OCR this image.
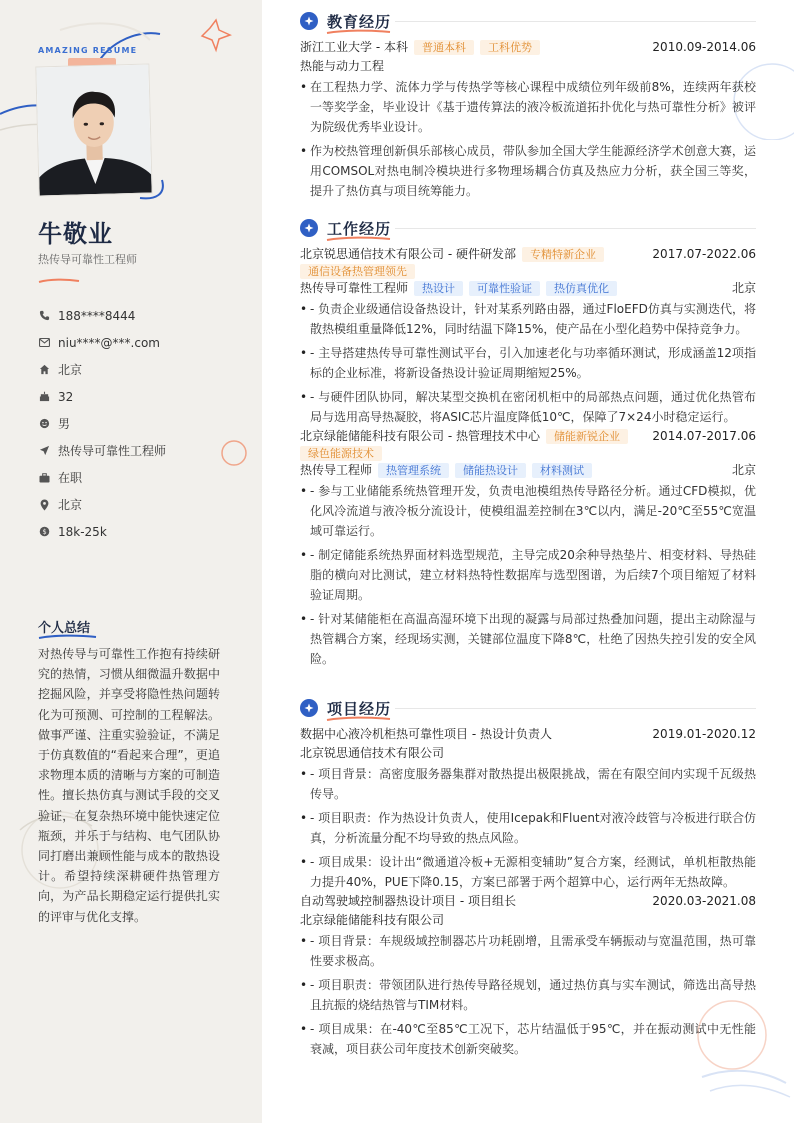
AMAZING RESUME
牛敬业
热传导可靠性工程师
188****8444
niu****@***.com
北京
32
男
热传导可靠性工程师
在职
北京
$ 18k-25k
个人总结
对热传导与可靠性工作抱有持续研究的热情，习惯从细微温升数据中挖掘风险，并享受将隐性热问题转化为可预测、可控制的工程解法。做事严谨、注重实验验证，不满足于仿真数值的“看起来合理”，更追求物理本质的清晰与方案的可制造性。擅长热仿真与测试手段的交叉验证，在复杂热环境中能快速定位瓶颈，并乐于与结构、电气团队协同打磨出兼顾性能与成本的散热设计。希望持续深耕硬件热管理方向，为产品长期稳定运行提供扎实的评审与优化支撑。
教育经历
浙江工业大学 - 本科	普通本科	工科优势	2010.09-2014.06
热能与动力工程
• 在工程热力学、流体力学与传热学等核心课程中成绩位列年级前8%，连续两年获校一等奖学金，毕业设计《基于遗传算法的液冷板流道拓扑优化与热可靠性分析》被评为院级优秀毕业设计。
• 作为校热管理创新俱乐部核心成员，带队参加全国大学生能源经济学术创意大赛，运用COMSOL对热电制冷模块进行多物理场耦合仿真及热应力分析，获全国三等奖，提升了热仿真与项目统筹能力。
工作经历
北京锐思通信技术有限公司 - 硬件研发部	专精特新企业	2017.07-2022.06
通信设备热管理领先
热传导可靠性工程师	热设计	可靠性验证	热仿真优化	北京
• - 负责企业级通信设备热设计，针对某系列路由器，通过FloEFD仿真与实测迭代，将散热模组重量降低12%，同时结温下降15%，使产品在小型化趋势中保持竞争力。
• - 主导搭建热传导可靠性测试平台，引入加速老化与功率循环测试，形成涵盖12项指标的企业标准，将新设备热设计验证周期缩短25%。
• - 与硬件团队协同，解决某型交换机在密闭机柜中的局部热点问题，通过优化热管布局与选用高导热凝胶，将ASIC芯片温度降低10℃，保障了7×24小时稳定运行。
北京绿能储能科技有限公司 - 热管理技术中心	储能新锐企业	2014.07-2017.06
绿色能源技术
热传导工程师	热管理系统	储能热设计	材料测试	北京
• - 参与工业储能系统热管理开发，负责电池模组热传导路径分析。通过CFD模拟，优化风冷流道与液冷板分流设计，使模组温差控制在3℃以内，满足-20℃至55℃宽温域可靠运行。
• - 制定储能系统热界面材料选型规范，主导完成20余种导热垫片、相变材料、导热硅脂的横向对比测试，建立材料热特性数据库与选型图谱，为后续7个项目缩短了材料验证周期。
• - 针对某储能柜在高温高湿环境下出现的凝露与局部过热叠加问题，提出主动除湿与热管耦合方案，经现场实测，关键部位温度下降8℃，杜绝了因热失控引发的安全风险。
项目经历
数据中心液冷机柜热可靠性项目 - 热设计负责人	2019.01-2020.12
北京锐思通信技术有限公司
• - 项目背景：高密度服务器集群对散热提出极限挑战，需在有限空间内实现千瓦级热传导。
• - 项目职责：作为热设计负责人，使用Icepak和Fluent对液冷歧管与冷板进行联合仿真，分析流量分配不均导致的热点风险。
• - 项目成果：设计出“微通道冷板+无源相变辅助”复合方案，经测试，单机柜散热能力提升40%，PUE下降0.15，方案已部署于两个超算中心，运行两年无热故障。
自动驾驶域控制器热设计项目 - 项目组长	2020.03-2021.08
北京绿能储能科技有限公司
• - 项目背景：车规级域控制器芯片功耗剧增，且需承受车辆振动与宽温范围，热可靠性要求极高。
• - 项目职责：带领团队进行热传导路径规划，通过热仿真与实车测试，筛选出高导热且抗振的烧结热管与TIM材料。
• - 项目成果：在-40℃至85℃工况下，芯片结温低于95℃，并在振动测试中无性能衰减，项目获公司年度技术创新突破奖。
